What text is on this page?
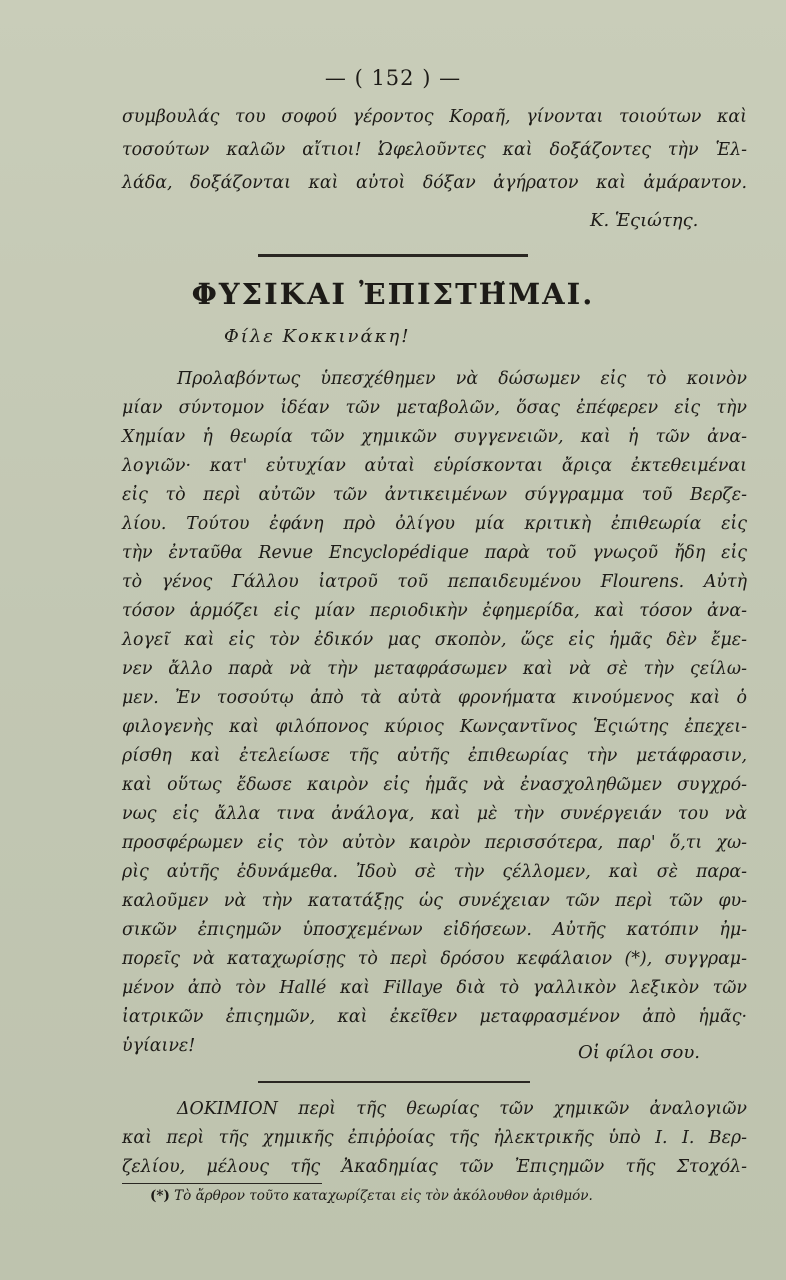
— ( 152 ) —
συμβουλάς του σοφού γέροντος Κοραῆ, γίνονται τοιούτων καὶ
τοσούτων καλῶν αἴτιοι! Ὠφελοῦντες καὶ δοξάζοντες τὴν Ἑλ-
λάδα, δοξάζονται καὶ αὐτοὶ δόξαν ἀγήρατον καὶ ἀμάραντον.
Κ. Ἑςιώτης.
ΦΥΣΙΚΑΙ ἘΠΙΣΤΗ̃ΜΑΙ.
Φίλε Κοκκινάκη!
Προλαβόντως ὑπεσχέθημεν νὰ δώσωμεν εἰς τὸ κοινὸν
μίαν σύντομον ἰδέαν τῶν μεταβολῶν, ὅσας ἐπέφερεν εἰς τὴν
Χημίαν ἡ θεωρία τῶν χημικῶν συγγενειῶν, καὶ ἡ τῶν ἀνα-
λογιῶν· κατ' εὐτυχίαν αὐταὶ εὑρίσκονται ἄριςα ἐκτεθειμέναι
εἰς τὸ περὶ αὐτῶν τῶν ἀντικειμένων σύγγραμμα τοῦ Βερζε-
λίου. Τούτου ἐφάνη πρὸ ὀλίγου μία κριτικὴ ἐπιθεωρία εἰς
τὴν ἐνταῦθα Revue Encyclopédique παρὰ τοῦ γνωςοῦ ἤδη εἰς
τὸ γένος Γάλλου ἰατροῦ τοῦ πεπαιδευμένου Flourens. Αὐτὴ
τόσον ἁρμόζει εἰς μίαν περιοδικὴν ἐφημερίδα, καὶ τόσον ἀνα-
λογεῖ καὶ εἰς τὸν ἐδικόν μας σκοπὸν, ὥςε εἰς ἡμᾶς δὲν ἔμε-
νεν ἄλλο παρὰ νὰ τὴν μεταφράσωμεν καὶ νὰ σὲ τὴν ςείλω-
μεν. Ἐν τοσούτῳ ἀπὸ τὰ αὐτὰ φρονήματα κινούμενος καὶ ὁ
φιλογενὴς καὶ φιλόπονος κύριος Κωνςαντῖνος Ἑςιώτης ἐπεχει-
ρίσθη καὶ ἐτελείωσε τῆς αὐτῆς ἐπιθεωρίας τὴν μετάφρασιν,
καὶ οὕτως ἔδωσε καιρὸν εἰς ἡμᾶς νὰ ἐνασχοληθῶμεν συγχρό-
νως εἰς ἄλλα τινα ἀνάλογα, καὶ μὲ τὴν συνέργειάν του νὰ
προσφέρωμεν εἰς τὸν αὐτὸν καιρὸν περισσότερα, παρ' ὅ,τι χω-
ρὶς αὐτῆς ἐδυνάμεθα. Ἰδοὺ σὲ τὴν ςέλλομεν, καὶ σὲ παρα-
καλοῦμεν νὰ τὴν κατατάξῃς ὡς συνέχειαν τῶν περὶ τῶν φυ-
σικῶν ἐπιςημῶν ὑποσχεμένων εἰδήσεων. Αὐτῆς κατόπιν ἠμ-
πορεῖς νὰ καταχωρίσῃς τὸ περὶ δρόσου κεφάλαιον (*), συγγραμ-
μένον ἀπὸ τὸν Hallé καὶ Fillaye διὰ τὸ γαλλικὸν λεξικὸν τῶν
ἰατρικῶν ἐπιςημῶν, καὶ ἐκεῖθεν μεταφρασμένον ἀπὸ ἡμᾶς·
ὑγίαινε!	Οἱ φίλοι σου.
ΔΟΚΙΜΙΟΝ περὶ τῆς θεωρίας τῶν χημικῶν ἀναλογιῶν
καὶ περὶ τῆς χημικῆς ἐπιῤῥοίας τῆς ἠλεκτρικῆς ὑπὸ Ι. Ι. Βερ-
ζελίου, μέλους τῆς Ἀκαδημίας τῶν Ἐπιςημῶν τῆς Στοχόλ-
(*) Τὸ ἄρθρον τοῦτο καταχωρίζεται εἰς τὸν ἀκόλουθον ἀριθμόν.
